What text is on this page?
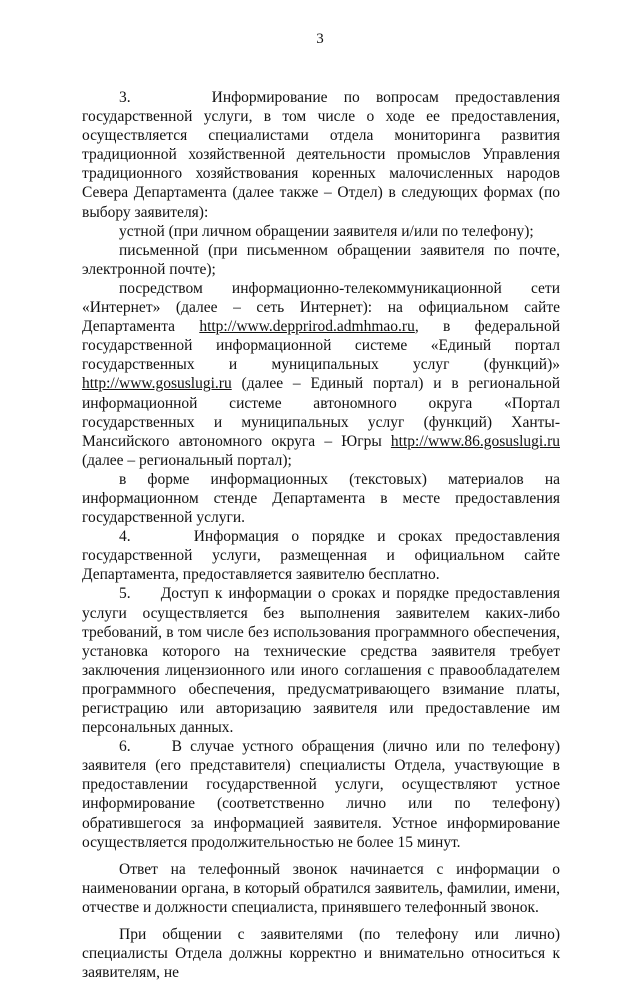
3

3.     Информирование по вопросам предоставления государственной услуги, в том числе о ходе ее предоставления, осуществляется специалистами отдела мониторинга развития традиционной хозяйственной деятельности промыслов Управления традиционного хозяйствования коренных малочисленных народов Севера Департамента (далее также – Отдел) в следующих формах (по выбору заявителя):

устной (при личном обращении заявителя и/или по телефону);

письменной (при письменном обращении заявителя по почте, электронной почте);

посредством информационно-телекоммуникационной сети «Интернет» (далее – сеть Интернет): на официальном сайте Департамента http://www.depprirod.admhmao.ru, в федеральной государственной информационной системе «Единый портал государственных и муниципальных услуг (функций)» http://www.gosuslugi.ru (далее – Единый портал) и в региональной информационной системе автономного округа «Портал государственных и муниципальных услуг (функций) Ханты-Мансийского автономного округа – Югры http://www.86.gosuslugi.ru (далее – региональный портал);

в форме информационных (текстовых) материалов на информационном стенде Департамента в месте предоставления государственной услуги.

4.     Информация о порядке и сроках предоставления государственной услуги, размещенная и официальном сайте Департамента, предоставляется заявителю бесплатно.

5.     Доступ к информации о сроках и порядке предоставления услуги осуществляется без выполнения заявителем каких-либо требований, в том числе без использования программного обеспечения, установка которого на технические средства заявителя требует заключения лицензионного или иного соглашения с правообладателем программного обеспечения, предусматривающего взимание платы, регистрацию или авторизацию заявителя или предоставление им персональных данных.

6.     В случае устного обращения (лично или по телефону) заявителя (его представителя) специалисты Отдела, участвующие в предоставлении государственной услуги, осуществляют устное информирование (соответственно лично или по телефону) обратившегося за информацией заявителя. Устное информирование осуществляется продолжительностью не более 15 минут.

Ответ на телефонный звонок начинается с информации о наименовании органа, в который обратился заявитель, фамилии, имени, отчестве и должности специалиста, принявшего телефонный звонок.

При общении с заявителями (по телефону или лично) специалисты Отдела должны корректно и внимательно относиться к заявителям, не
